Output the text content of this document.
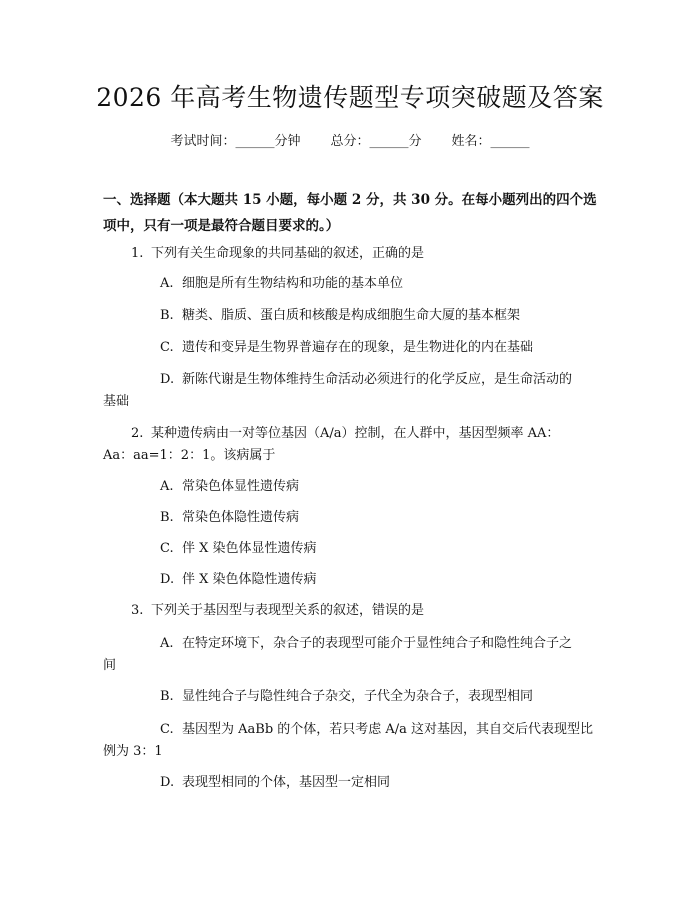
2026 年高考生物遗传题型专项突破题及答案
考试时间：______分钟 总分：______分 姓名：______
一、选择题（本大题共 15 小题，每小题 2 分，共 30 分。在每小题列出的四个选项中，只有一项是最符合题目要求的。）
1. 下列有关生命现象的共同基础的叙述，正确的是
A. 细胞是所有生物结构和功能的基本单位
B. 糖类、脂质、蛋白质和核酸是构成细胞生命大厦的基本框架
C. 遗传和变异是生物界普遍存在的现象，是生物进化的内在基础
D. 新陈代谢是生物体维持生命活动必须进行的化学反应，是生命活动的
基础
2. 某种遗传病由一对等位基因（A/a）控制，在人群中，基因型频率 AA：
Aa：aa=1：2：1。该病属于
A. 常染色体显性遗传病
B. 常染色体隐性遗传病
C. 伴 X 染色体显性遗传病
D. 伴 X 染色体隐性遗传病
3. 下列关于基因型与表现型关系的叙述，错误的是
A. 在特定环境下，杂合子的表现型可能介于显性纯合子和隐性纯合子之
间
B. 显性纯合子与隐性纯合子杂交，子代全为杂合子，表现型相同
C. 基因型为 AaBb 的个体，若只考虑 A/a 这对基因，其自交后代表现型比
例为 3：1
D. 表现型相同的个体，基因型一定相同
